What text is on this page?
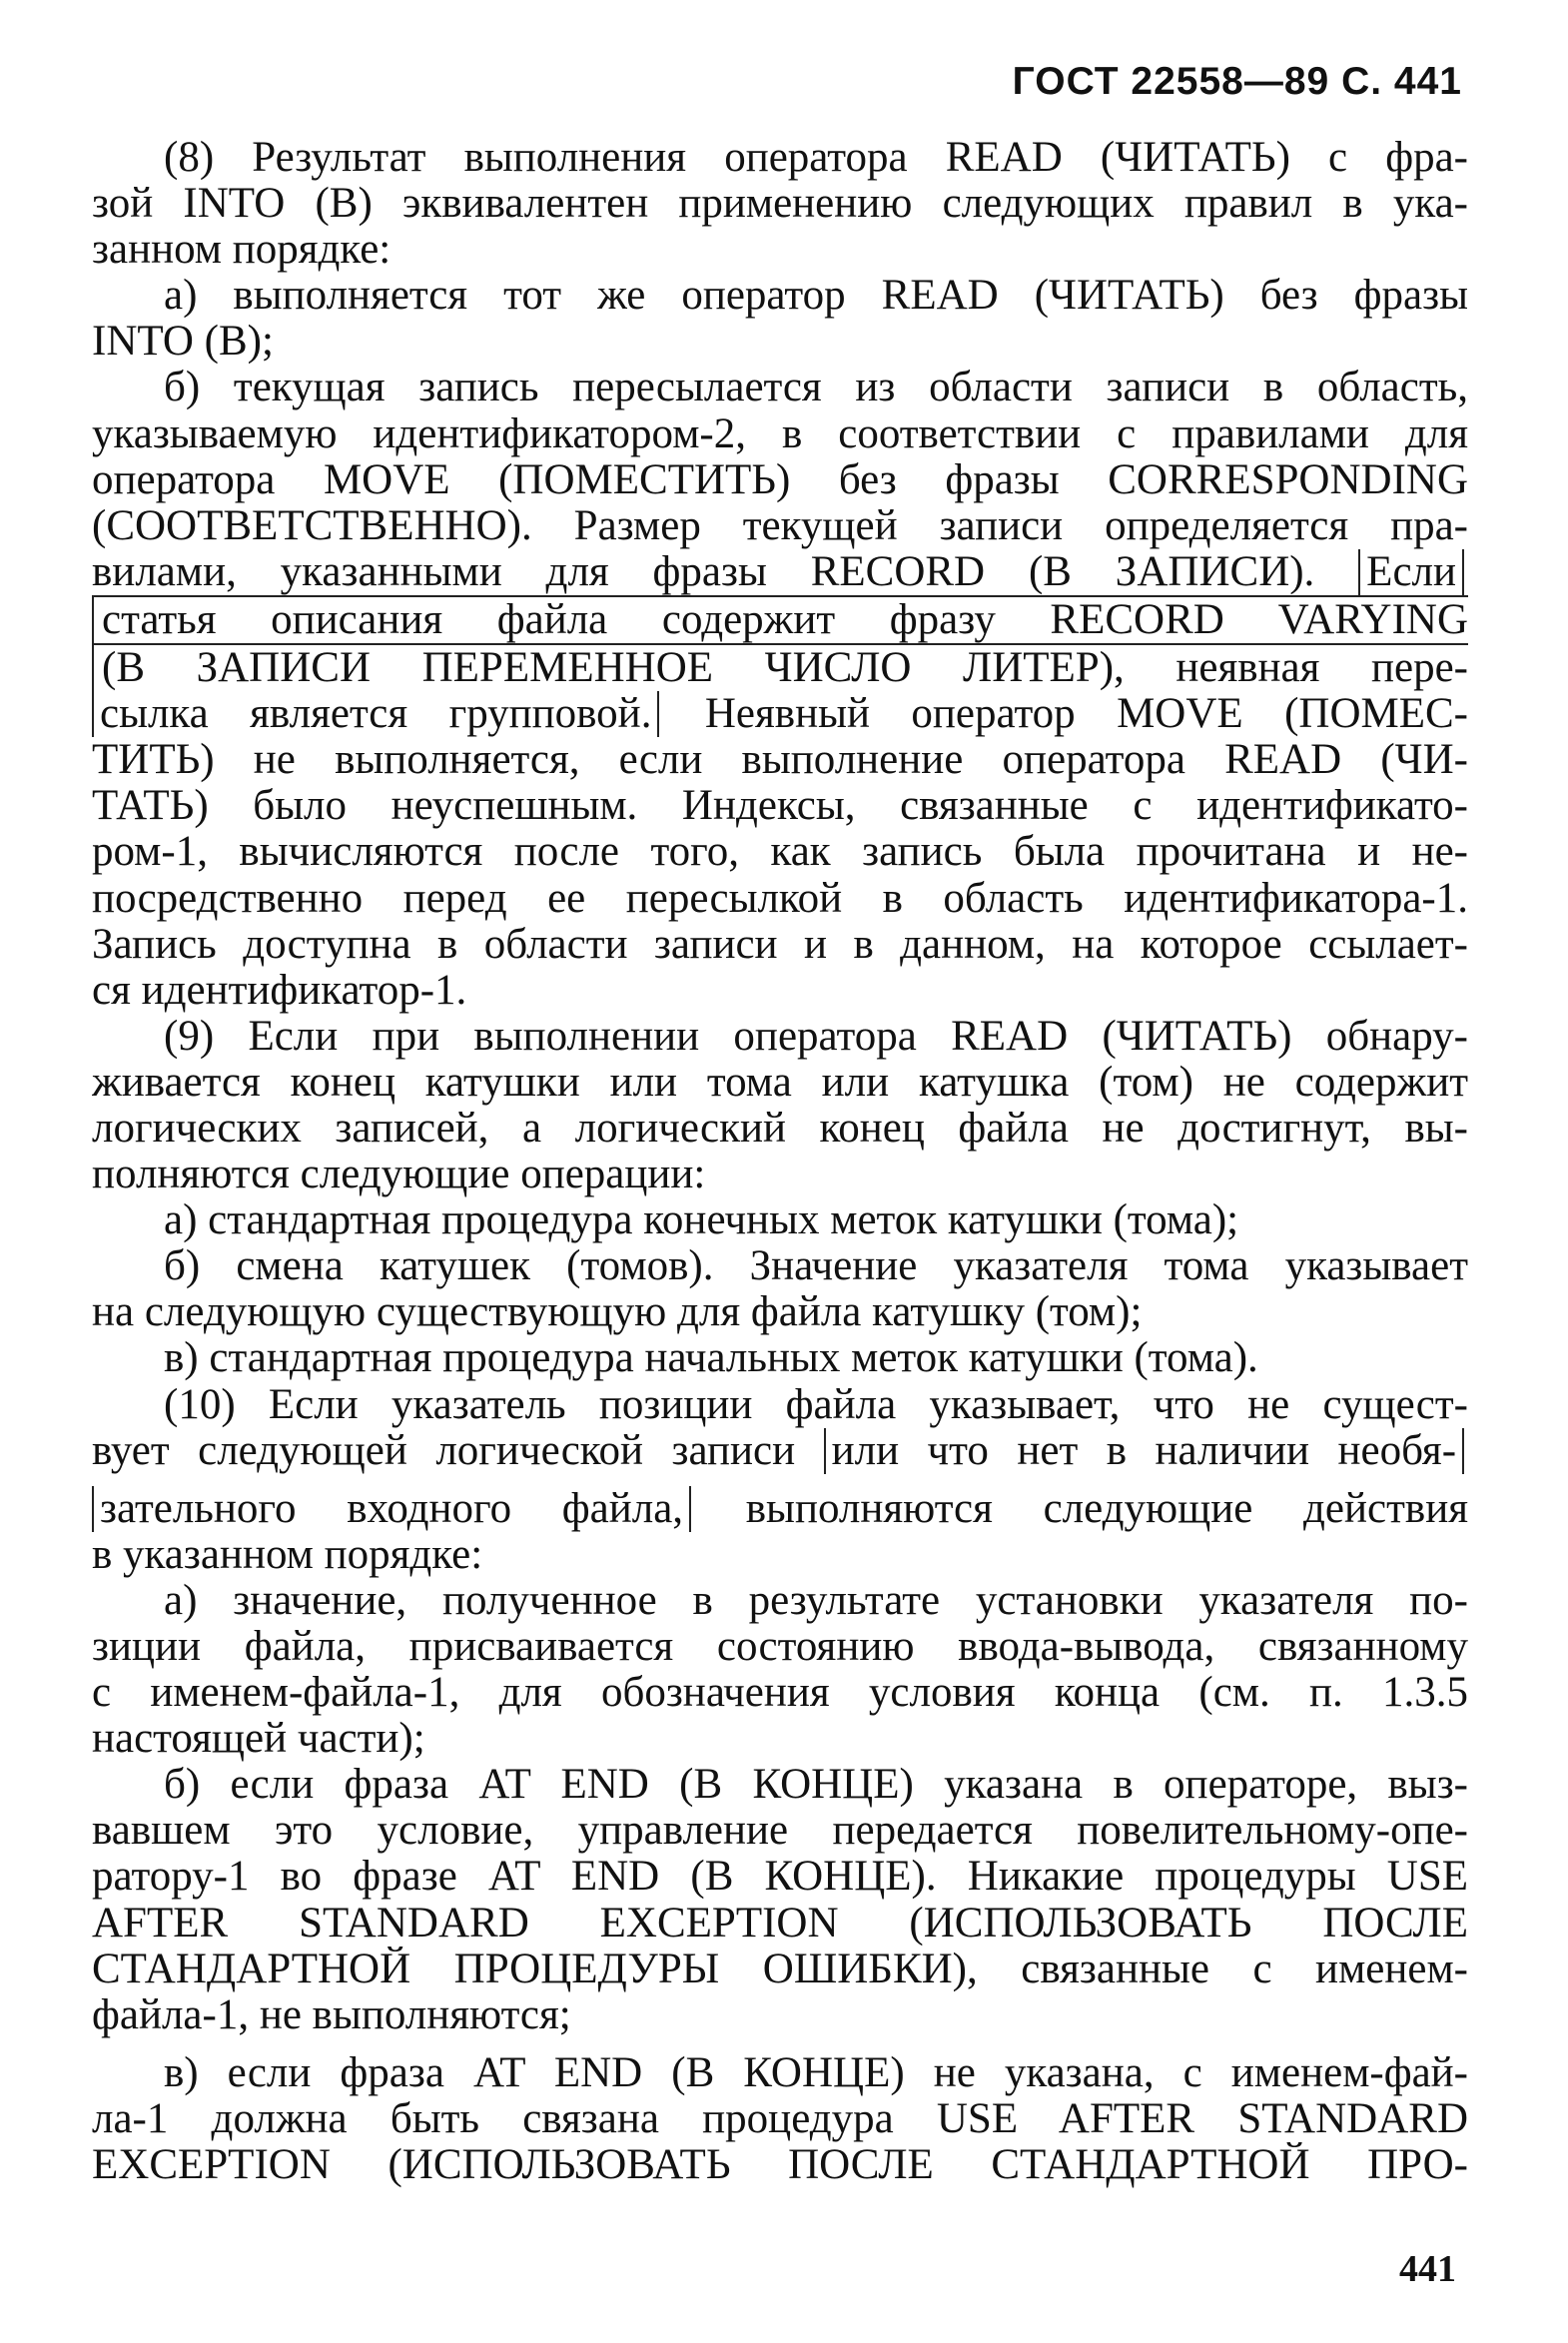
ГОСТ 22558—89 С. 441
(8) Результат выполнения оператора READ (ЧИТАТЬ) с фра-
зой INTO (В) эквивалентен применению следующих правил в ука-
занном порядке:
а) выполняется тот же оператор READ (ЧИТАТЬ) без фразы
INTO (В);
б) текущая запись пересылается из области записи в область,
указываемую идентификатором-2, в соответствии с правилами для
оператора MOVE (ПОМЕСТИТЬ) без фразы CORRESPONDING
(СООТВЕТСТВЕННО). Размер текущей записи определяется пра-
вилами, указанными для фразы RECORD (В ЗАПИСИ). Если
статья описания файла содержит фразу RECORD VARYING
(В ЗАПИСИ ПЕРЕМЕННОЕ ЧИСЛО ЛИТЕР), неявная пере-
сылка является групповой. Неявный оператор MOVE (ПОМЕС-
ТИТЬ) не выполняется, если выполнение оператора READ (ЧИ-
ТАТЬ) было неуспешным. Индексы, связанные с идентификато-
ром-1, вычисляются после того, как запись была прочитана и не-
посредственно перед ее пересылкой в область идентификатора-1.
Запись доступна в области записи и в данном, на которое ссылает-
ся идентификатор-1.
(9) Если при выполнении оператора READ (ЧИТАТЬ) обнару-
живается конец катушки или тома или катушка (том) не содержит
логических записей, а логический конец файла не достигнут, вы-
полняются следующие операции:
а) стандартная процедура конечных меток катушки (тома);
б) смена катушек (томов). Значение указателя тома указывает
на следующую существующую для файла катушку (том);
в) стандартная процедура начальных меток катушки (тома).
(10) Если указатель позиции файла указывает, что не сущест-
вует следующей логической записи или что нет в наличии необя-
зательного входного файла, выполняются следующие действия
в указанном порядке:
а) значение, полученное в результате установки указателя по-
зиции файла, присваивается состоянию ввода-вывода, связанному
с именем-файла-1, для обозначения условия конца (см. п. 1.3.5
настоящей части);
б) если фраза AT END (В КОНЦЕ) указана в операторе, выз-
вавшем это условие, управление передается повелительному-опе-
ратору-1 во фразе AT END (В КОНЦЕ). Никакие процедуры USE
AFTER STANDARD EXCEPTION (ИСПОЛЬЗОВАТЬ ПОСЛЕ
СТАНДАРТНОЙ ПРОЦЕДУРЫ ОШИБКИ), связанные с именем-
файла-1, не выполняются;
в) если фраза AT END (В КОНЦЕ) не указана, с именем-фай-
ла-1 должна быть связана процедура USE AFTER STANDARD
EXCEPTION (ИСПОЛЬЗОВАТЬ ПОСЛЕ СТАНДАРТНОЙ ПРО-
441
